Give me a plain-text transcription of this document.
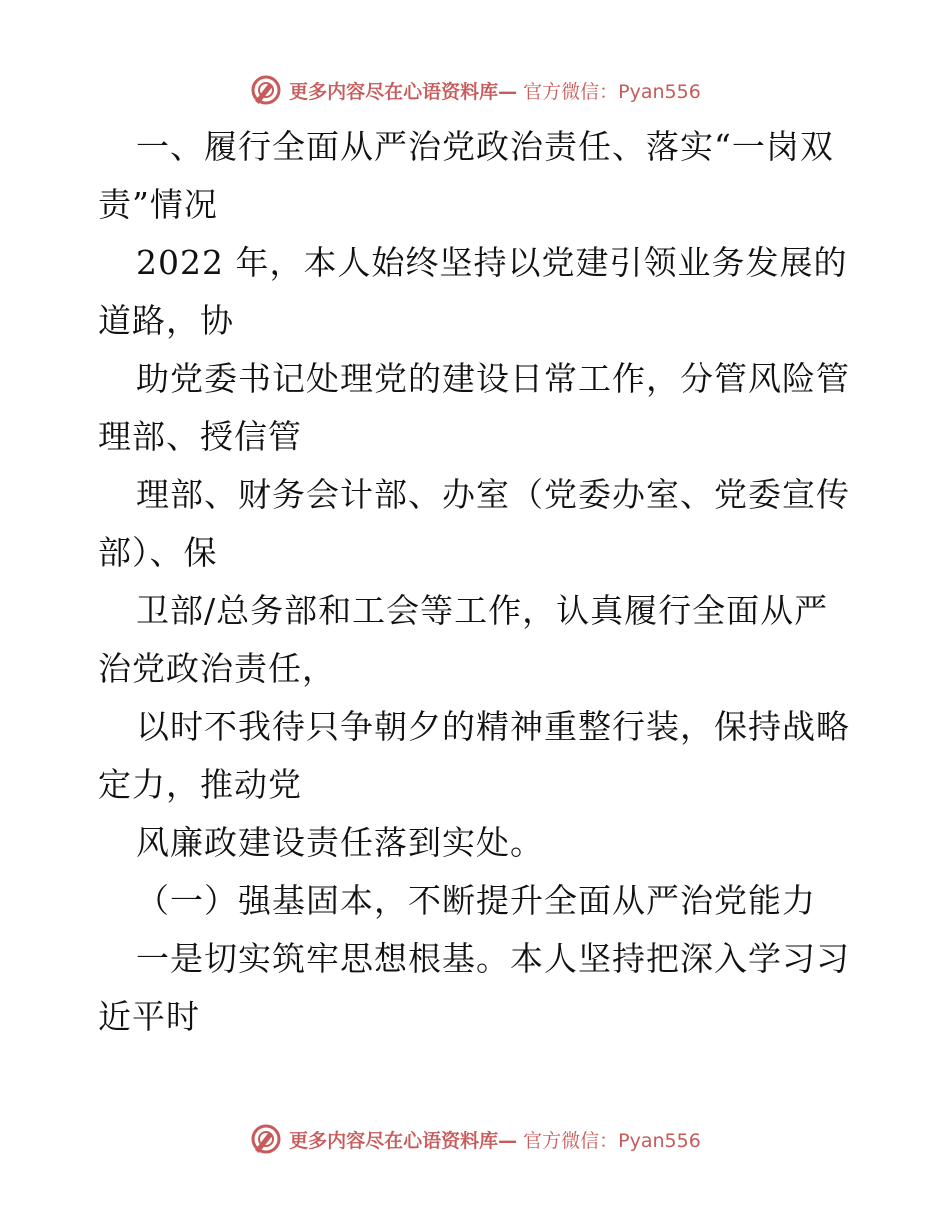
更多内容尽在心语资料库— 官方微信：Pyan556

一、履行全面从严治党政治责任、落实“一岗双责”情况

2022 年，本人始终坚持以党建引领业务发展的道路，协

助党委书记处理党的建设日常工作，分管风险管理部、授信管

理部、财务会计部、办室（党委办室、党委宣传部）、保

卫部/总务部和工会等工作，认真履行全面从严治党政治责任，

以时不我待只争朝夕的精神重整行装，保持战略定力，推动党

风廉政建设责任落到实处。

（一）强基固本，不断提升全面从严治党能力

一是切实筑牢思想根基。本人坚持把深入学习习近平时

更多内容尽在心语资料库— 官方微信：Pyan556
